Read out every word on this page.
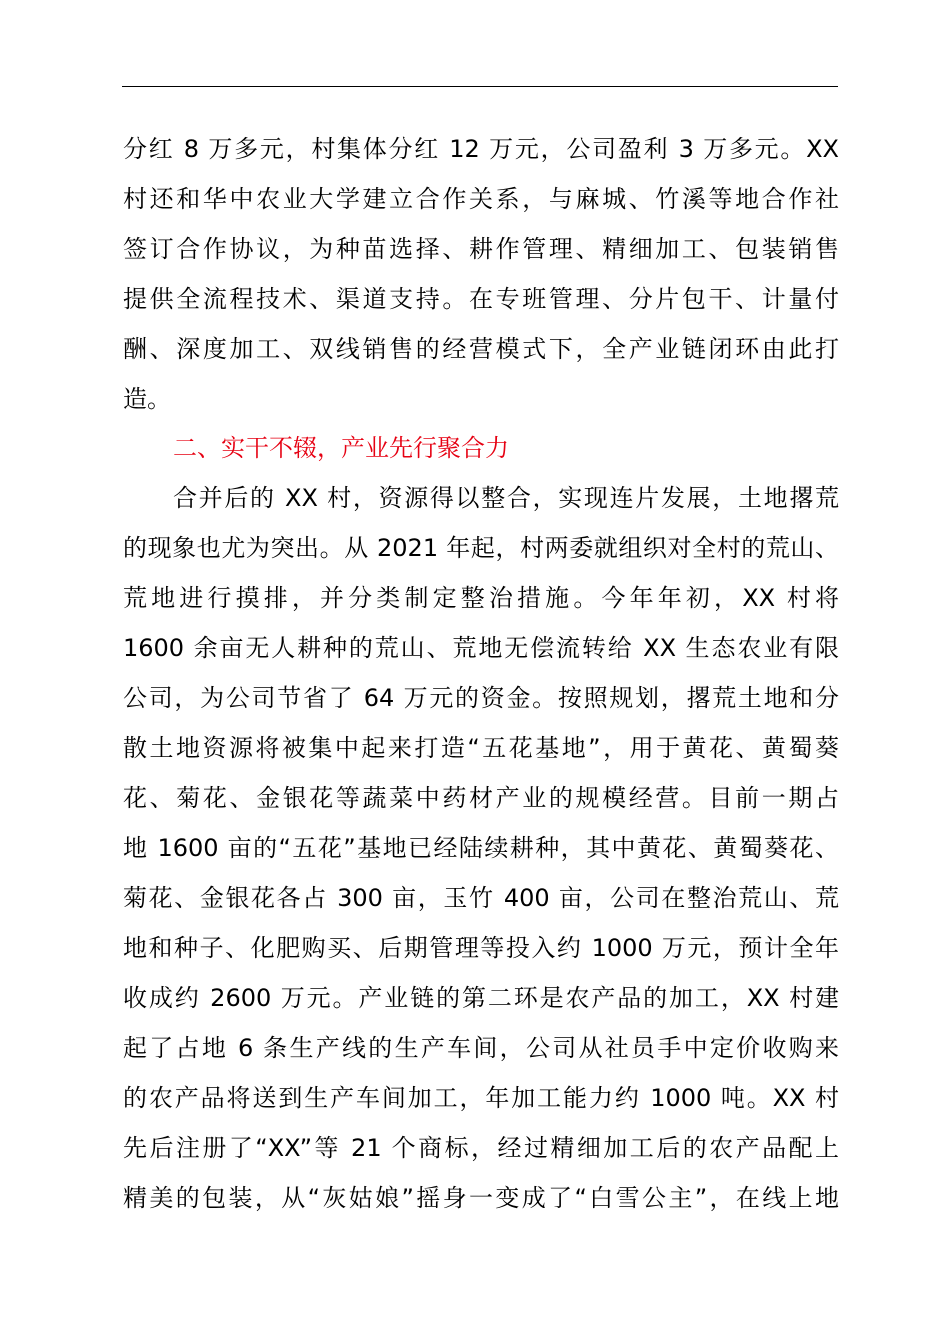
分红 8 万多元，村集体分红 12 万元，公司盈利 3 万多元。XX
村还和华中农业大学建立合作关系，与麻城、竹溪等地合作社
签订合作协议，为种苗选择、耕作管理、精细加工、包装销售
提供全流程技术、渠道支持。在专班管理、分片包干、计量付
酬、深度加工、双线销售的经营模式下，全产业链闭环由此打
造。
二、实干不辍，产业先行聚合力
合并后的 XX 村，资源得以整合，实现连片发展，土地撂荒
的现象也尤为突出。从 2021 年起，村两委就组织对全村的荒山、
荒地进行摸排，并分类制定整治措施。今年年初，XX 村将
1600 余亩无人耕种的荒山、荒地无偿流转给 XX 生态农业有限
公司，为公司节省了 64 万元的资金。按照规划，撂荒土地和分
散土地资源将被集中起来打造“五花基地”，用于黄花、黄蜀葵
花、菊花、金银花等蔬菜中药材产业的规模经营。目前一期占
地 1600 亩的“五花”基地已经陆续耕种，其中黄花、黄蜀葵花、
菊花、金银花各占 300 亩，玉竹 400 亩，公司在整治荒山、荒
地和种子、化肥购买、后期管理等投入约 1000 万元，预计全年
收成约 2600 万元。产业链的第二环是农产品的加工，XX 村建
起了占地 6 条生产线的生产车间，公司从社员手中定价收购来
的农产品将送到生产车间加工，年加工能力约 1000 吨。XX 村
先后注册了“XX”等 21 个商标，经过精细加工后的农产品配上
精美的包装，从“灰姑娘”摇身一变成了“白雪公主”，在线上地
